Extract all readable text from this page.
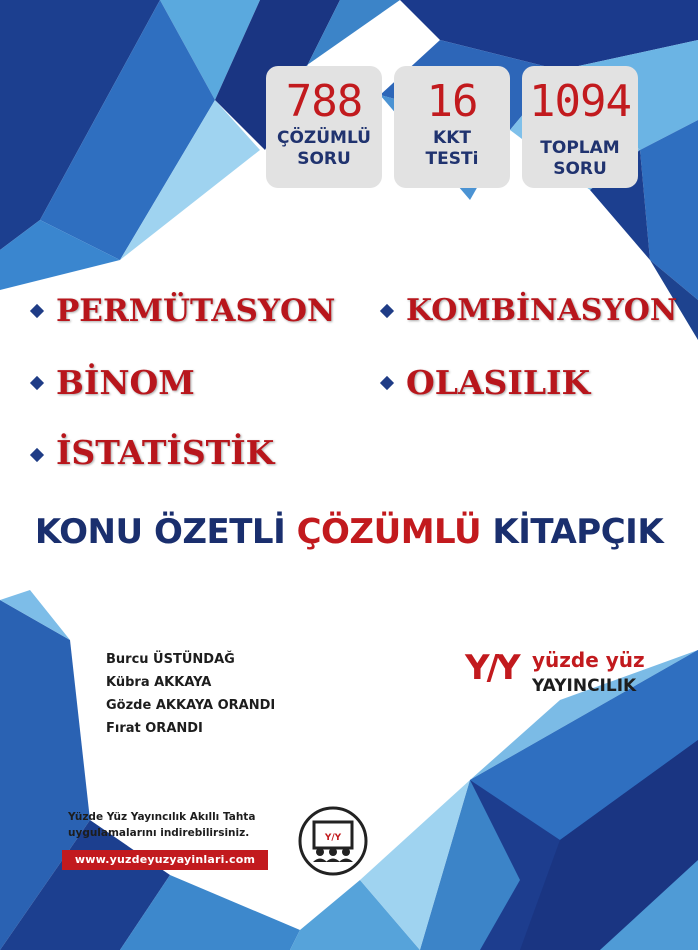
788
ÇÖZÜMLÜ
SORU
16
KKT
TESTi
1094
TOPLAM
SORU
PERMÜTASYON KOMBİNASYON
BİNOM	OLASILIK
İSTATİSTİK
KONU ÖZETLİ ÇÖZÜMLÜ KİTAPÇIK
Burcu ÜSTÜNDAĞ
Kübra AKKAYA
Gözde AKKAYA ORANDI
Fırat ORANDI
Y/Y yüzde yüz
YAYINCILIK
Yüzde Yüz Yayıncılık Akıllı Tahta
uygulamalarını indirebilirsiniz.
www.yuzdeyuzyayinlari.com
Y/Y
